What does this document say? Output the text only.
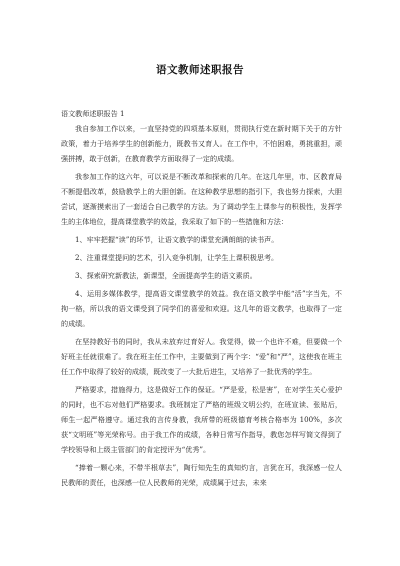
语文教师述职报告
语文教师述职报告 1

我自参加工作以来，一直坚持党的四项基本原则，贯彻执行党在新时期下关于的方针政策，着力于培养学生的创新能力，既教书又育人。在工作中，不怕困难，勇挑重担，顽强拼搏，敢于创新，在教育教学方面取得了一定的成绩。

我参加工作的这六年，可以说是不断改革和探索的几年。在这几年里，市、区教育局不断提倡改革，鼓励教学上的大胆创新。在这种教学思想的指引下，我也努力探索，大胆尝试，逐渐摸索出了一套适合自己教学的方法。为了调动学生上课参与的积极性，发挥学生的主体地位，提高课堂教学的效益，我采取了如下的一些措施和方法：

1、牢牢把握“读”的环节，让语文教学的课堂充满朗朗的读书声。

2、注重课堂提问的艺术，引入竞争机制，让学生上课积极思考。

3、探索研究新教法，新课型，全面提高学生的语文素质。

4、运用多媒体教学，提高语文课堂教学的效益。我在语文教学中能“活”字当先，不拘一格，所以我的语文课受到了同学们的喜爱和欢迎。这几年的语文教学，也取得了一定的成绩。

在坚持教好书的同时，我从未放弃过育好人。我觉得，做一个也许不难，但要做一个好班主任就很难了。我在班主任工作中，主要做到了两个字：“爱”和“严”，这使我在班主任工作中取得了较好的成绩，既改变了一大批后进生，又培养了一批优秀的学生。

严格要求，措施得力，这是做好工作的保证。“严是爱，松是害”，在对学生关心爱护的同时，也不忘对他们严格要求。我班制定了严格的班级文明公约，在班宣读、张贴后，师生一起严格遵守。通过我的言传身教，我所带的班级德育考核合格率为 100%，多次获“文明班”等光荣称号。由于我工作的成绩，各种日常写作指导，教您怎样写简文得到了学校领导和上级主管部门的肯定授评为“优秀”。

“捧着一颗心来，不带半根草去”，陶行知先生的真知灼言，言犹在耳，我深感一位人民教师的责任，也深感一位人民教师的光荣，成绩属于过去，未来
